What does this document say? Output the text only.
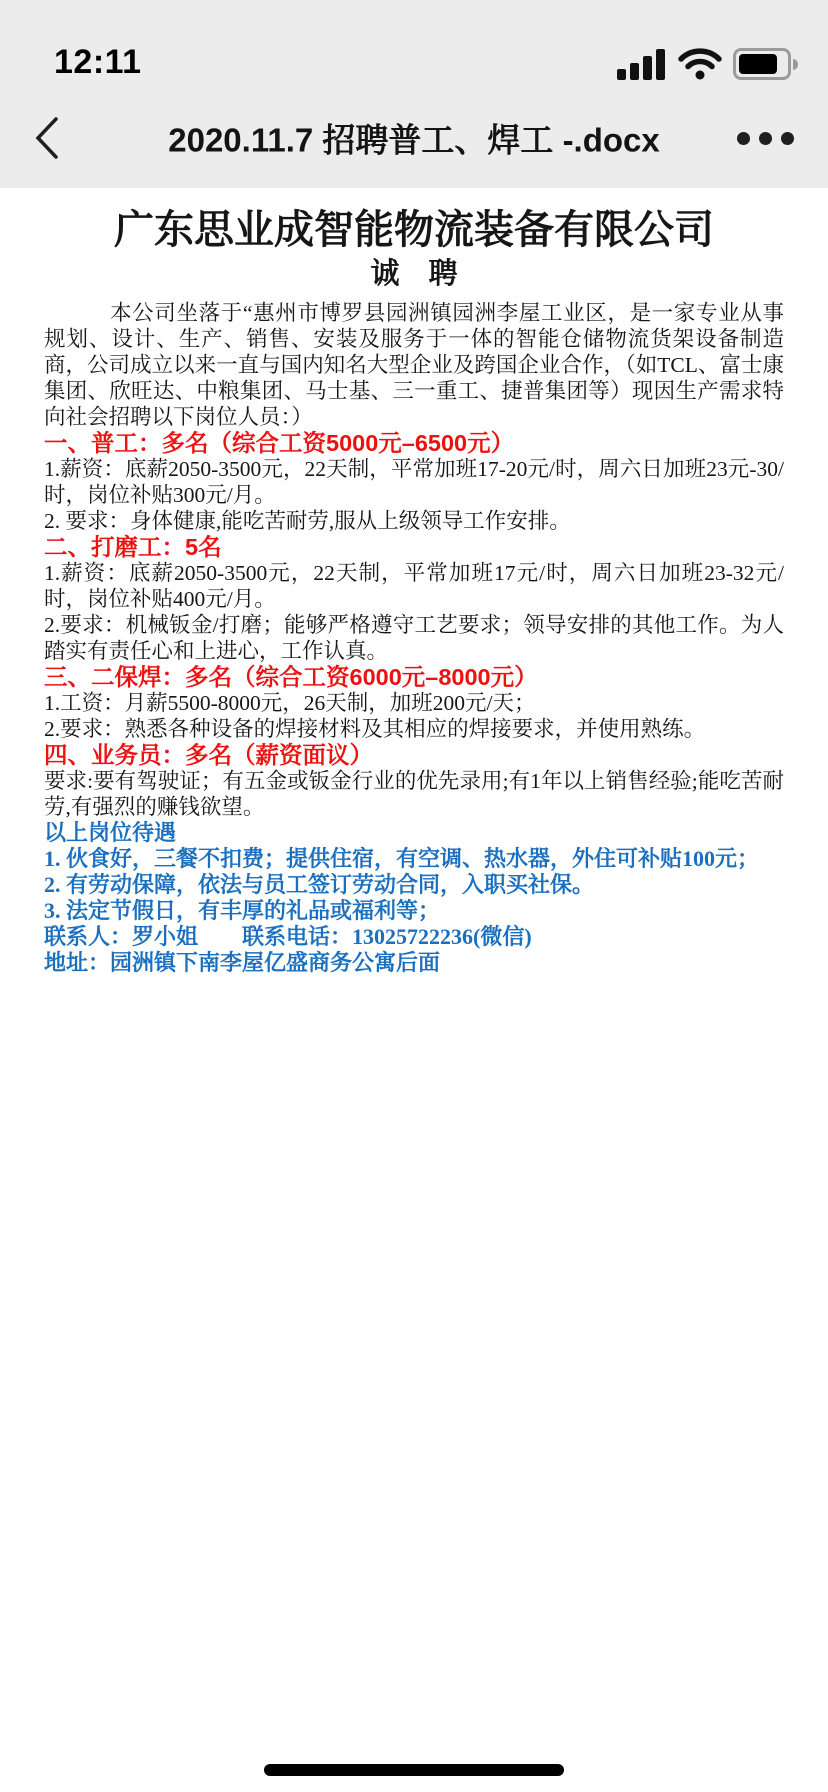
12:11
2020.11.7 招聘普工、焊工 -.docx
广东思业成智能物流装备有限公司
诚　聘

本公司坐落于“惠州市博罗县园洲镇园洲李屋工业区，是一家专业从事规划、设计、生产、销售、安装及服务于一体的智能仓储物流货架设备制造商，公司成立以来一直与国内知名大型企业及跨国企业合作，（如TCL、富士康集团、欣旺达、中粮集团、马士基、三一重工、捷普集团等）现因生产需求特向社会招聘以下岗位人员：）

一、普工：多名（综合工资5000元–6500元）

1.薪资：底薪2050-3500元，22天制，平常加班17-20元/时，周六日加班23元-30/时，岗位补贴300元/月。

2. 要求：身体健康,能吃苦耐劳,服从上级领导工作安排。

二、打磨工：5名

1.薪资：底薪2050-3500元，22天制，平常加班17元/时，周六日加班23-32元/时，岗位补贴400元/月。

2.要求：机械钣金/打磨；能够严格遵守工艺要求；领导安排的其他工作。为人踏实有责任心和上进心，工作认真。

三、二保焊：多名（综合工资6000元–8000元）

1.工资：月薪5500-8000元，26天制，加班200元/天；

2.要求：熟悉各种设备的焊接材料及其相应的焊接要求，并使用熟练。

四、业务员：多名（薪资面议）

要求:要有驾驶证；有五金或钣金行业的优先录用;有1年以上销售经验;能吃苦耐劳,有强烈的赚钱欲望。

以上岗位待遇

1. 伙食好，三餐不扣费；提供住宿，有空调、热水器，外住可补贴100元；

2. 有劳动保障，依法与员工签订劳动合同，入职买社保。

3. 法定节假日，有丰厚的礼品或福利等；

联系人：罗小姐　　联系电话：13025722236(微信)

地址：园洲镇下南李屋亿盛商务公寓后面
